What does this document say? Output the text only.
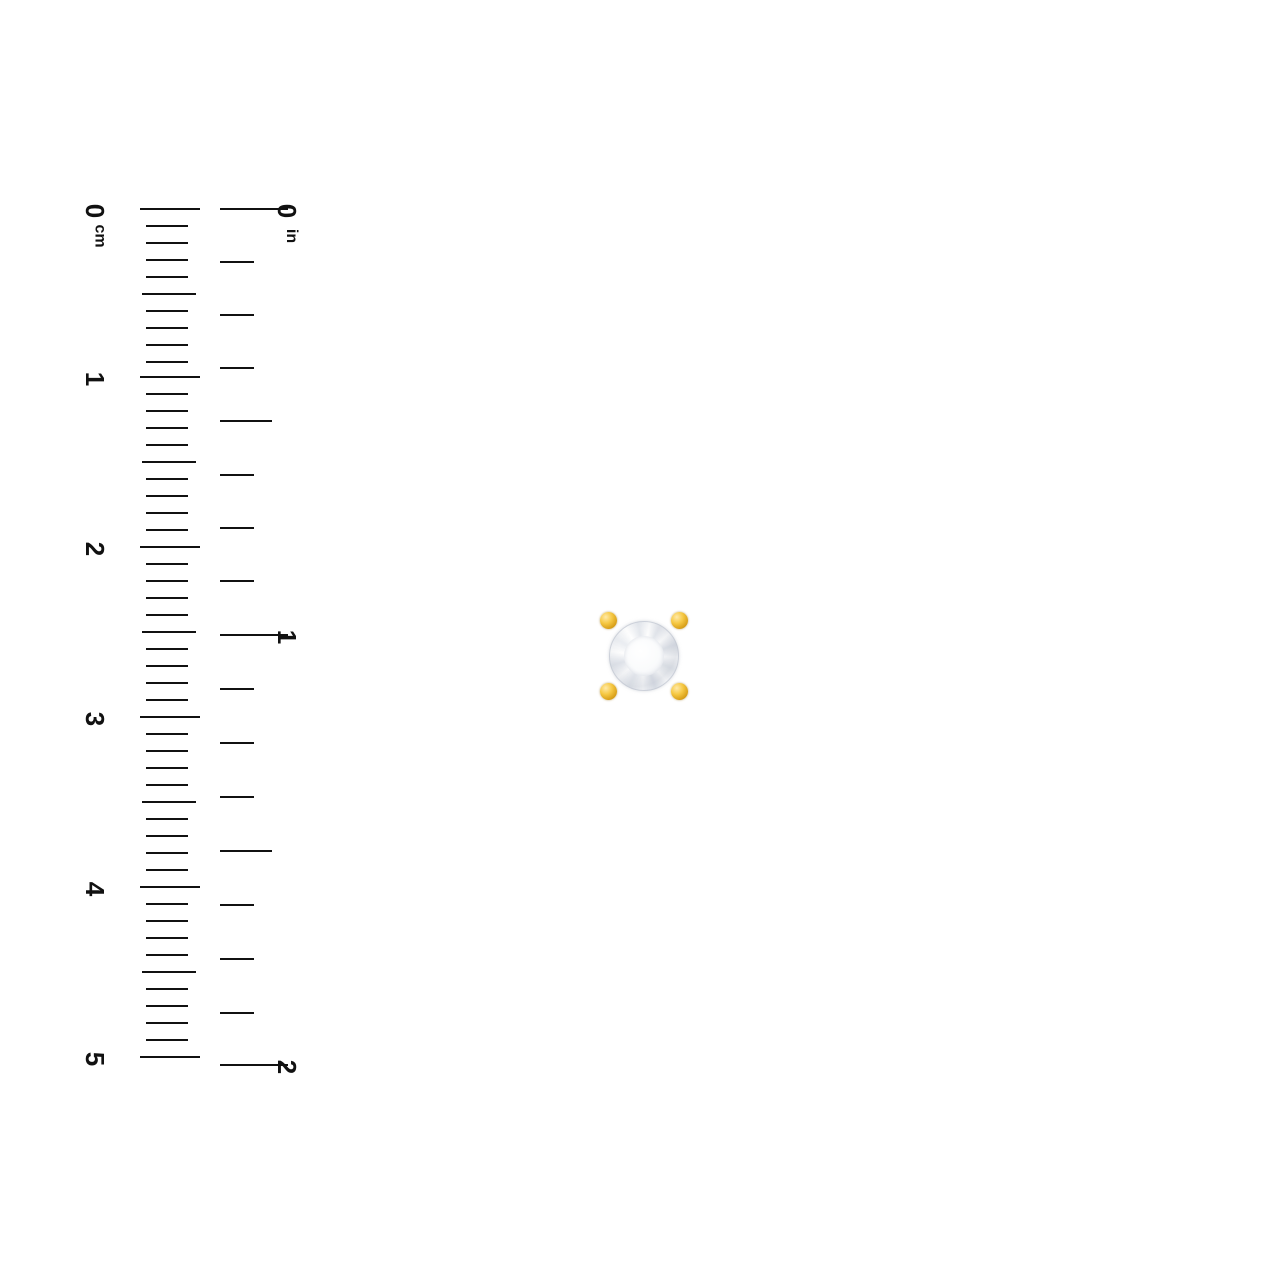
0
cm
1
2
3
4
5
0
in
1
2
